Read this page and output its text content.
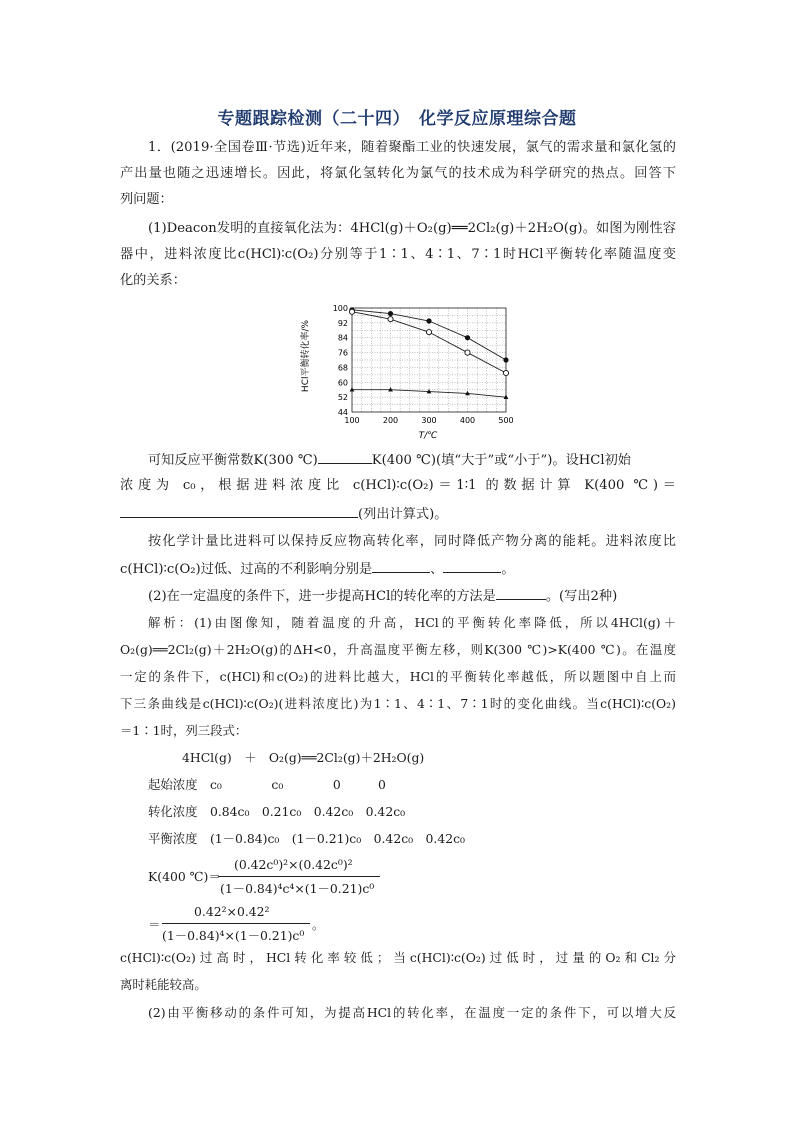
专题跟踪检测（二十四）　化学反应原理综合题
1．(2019·全国卷Ⅲ·节选)近年来，随着聚酯工业的快速发展，氯气的需求量和氯化氢的
产出量也随之迅速增长。因此，将氯化氢转化为氯气的技术成为科学研究的热点。回答下
列问题：
(1)Deacon发明的直接氧化法为：4HCl(g)＋O₂(g)══2Cl₂(g)＋2H₂O(g)。如图为刚性容
器中，进料浓度比c(HCl)∶c(O₂)分别等于1∶1、4∶1、7∶1时HCl平衡转化率随温度变
化的关系：
100
92
84
76
68
60
52
44
100	200	300	400	500
HCl平衡转化率/%
T/℃
可知反应平衡常数K(300 ℃)	K(400 ℃)(填“大于”或“小于”)。设HCl初始
浓度为 c₀，根据进料浓度比 c(HCl)∶c(O₂)＝1∶1 的数据计算 K(400 ℃)＝
(列出计算式)。
按化学计量比进料可以保持反应物高转化率，同时降低产物分离的能耗。进料浓度比
c(HCl)∶c(O₂)过低、过高的不利影响分别是	、	。
(2)在一定温度的条件下，进一步提高HCl的转化率的方法是	。(写出2种)
解析：(1)由图像知，随着温度的升高，HCl的平衡转化率降低，所以4HCl(g)＋
O₂(g)══2Cl₂(g)＋2H₂O(g)的ΔH<0，升高温度平衡左移，则K(300 ℃)>K(400 ℃)。在温度
一定的条件下，c(HCl)和c(O₂)的进料比越大，HCl的平衡转化率越低，所以题图中自上而
下三条曲线是c(HCl)∶c(O₂)(进料浓度比)为1∶1、4∶1、7∶1时的变化曲线。当c(HCl)∶c(O₂)
＝1∶1时，列三段式：
4HCl(g)　＋　O₂(g)══2Cl₂(g)＋2H₂O(g)
起始浓度　c₀　　　　c₀　　　　0　　　0
转化浓度　0.84c₀　0.21c₀　0.42c₀　0.42c₀
平衡浓度　(1－0.84)c₀　(1－0.21)c₀　0.42c₀　0.42c₀
K(400 ℃)＝
(0.42c⁰)²×(0.42c⁰)²
(1－0.84)⁴c⁴×(1－0.21)c⁰
＝
0.42²×0.42²
(1－0.84)⁴×(1－0.21)c⁰
。
c(HCl)∶c(O₂)过高时，HCl转化率较低；当c(HCl)∶c(O₂)过低时，过量的O₂和Cl₂分
离时耗能较高。
(2)由平衡移动的条件可知，为提高HCl的转化率，在温度一定的条件下，可以增大反
